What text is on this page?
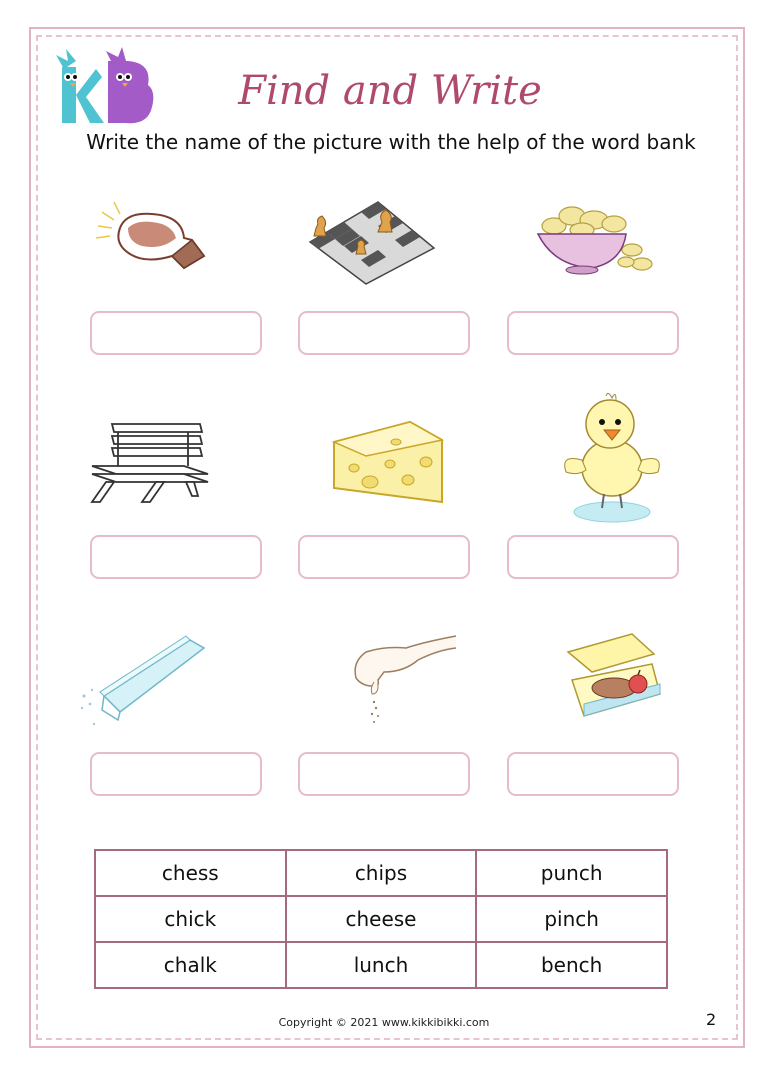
Find and Write
Write the name of the picture with the help of the word bank
chess	chips	punch
chick	cheese	pinch
chalk	lunch	bench
Copyright © 2021 www.kikkibikki.com	2
